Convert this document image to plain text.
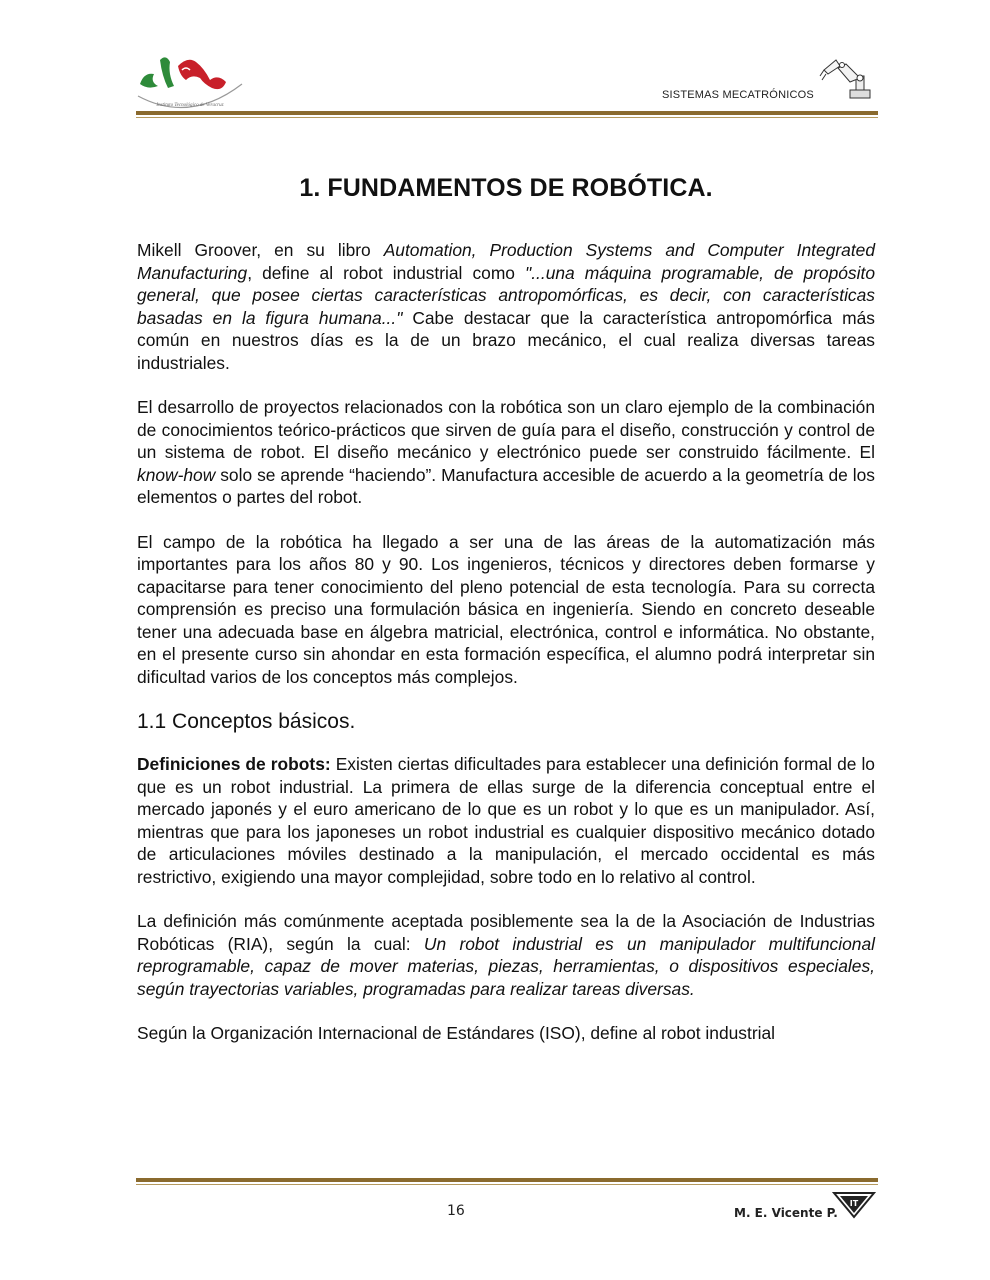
Instituto Tecnológico de Veracruz
SISTEMAS MECATRÓNICOS
1. FUNDAMENTOS DE ROBÓTICA.

Mikell Groover, en su libro Automation, Production Systems and Computer Integrated Manufacturing, define al robot industrial como "...una máquina programable, de propósito general, que posee ciertas características antropomórficas, es decir, con características basadas en la figura humana..." Cabe destacar que la característica antropomórfica más común en nuestros días es la de un brazo mecánico, el cual realiza diversas tareas industriales.

El desarrollo de proyectos relacionados con la robótica son un claro ejemplo de la combinación de conocimientos teórico-prácticos que sirven de guía para el diseño, construcción y control de un sistema de robot. El diseño mecánico y electrónico puede ser construido fácilmente. El know-how solo se aprende “haciendo”. Manufactura accesible de acuerdo a la geometría de los elementos o partes del robot.

El campo de la robótica ha llegado a ser una de las áreas de la automatización más importantes para los años 80 y 90. Los ingenieros, técnicos y directores deben formarse y capacitarse para tener conocimiento del pleno potencial de esta tecnología. Para su correcta comprensión es preciso una formulación básica en ingeniería. Siendo en concreto deseable tener una adecuada base en álgebra matricial, electrónica, control e informática. No obstante, en el presente curso sin ahondar en esta formación específica, el alumno podrá interpretar sin dificultad varios de los conceptos más complejos.

1.1 Conceptos básicos.

Definiciones de robots: Existen ciertas dificultades para establecer una definición formal de lo que es un robot industrial. La primera de ellas surge de la diferencia conceptual entre el mercado japonés y el euro americano de lo que es un robot y lo que es un manipulador. Así, mientras que para los japoneses un robot industrial es cualquier dispositivo mecánico dotado de articulaciones móviles destinado a la manipulación, el mercado occidental es más restrictivo, exigiendo una mayor complejidad, sobre todo en lo relativo al control.

La definición más comúnmente aceptada posiblemente sea la de la Asociación de Industrias Robóticas (RIA), según la cual: Un robot industrial es un manipulador multifuncional reprogramable, capaz de mover materias, piezas, herramientas, o dispositivos especiales, según trayectorias variables, programadas para realizar tareas diversas.

Según la Organización Internacional de Estándares (ISO), define al robot industrial

16	M. E. Vicente P.
IT
